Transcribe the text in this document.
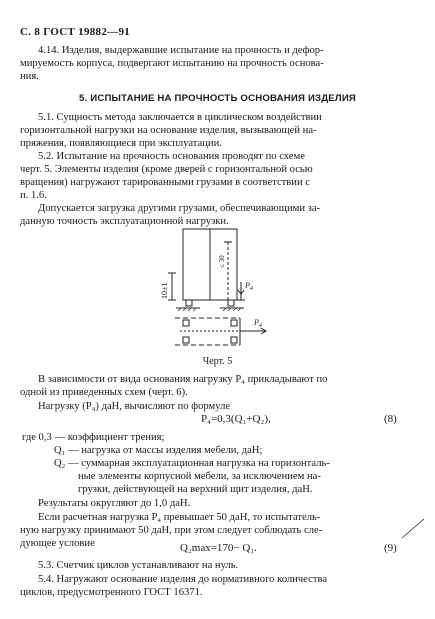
С. 8 ГОСТ 19882—91
4.14. Изделия, выдержавшие испытание на прочность и дефор-
мируемость корпуса, подвергают испытанию на прочность основа-
ния.
5. ИСПЫТАНИЕ НА ПРОЧНОСТЬ ОСНОВАНИЯ ИЗДЕЛИЯ
5.1. Сущность метода заключается в циклическом воздействии
горизонтальной нагрузки на основание изделия, вызывающей на-
пряжения, появляющиеся при эксплуатации.
5.2. Испытание на прочность основания проводят по схеме
черт. 5. Элементы изделия (кроме дверей с горизонтальной осью
вращения) нагружают тарированными грузами в соответствии с
п. 1.6.
Допускается загрузка другими грузами, обеспечивающими за-
данную точность эксплуатационной нагрузки.
10±1
≤ 30
$P_4$
$P_4$
Черт. 5
В зависимости от вида основания нагрузку P₄ прикладывают по
одной из приведенных схем (черт. 6).
Нагрузку (P₄) даН, вычисляют по формуле
P₄=0,3(Q₁+Q₂),	(8)
где 0,3 — коэффициент трения;
Q₁ — нагрузка от массы изделия мебели, даН;
Q₂ — суммарная эксплуатационная нагрузка на горизонталь-
ные элементы корпусной мебели, за исключением на-
грузки, действующей на верхний щит изделия, даН.
Результаты округляют до 1,0 даН.
Если расчетная нагрузка P₄ превышает 50 даН, то испытатель-
ную нагрузку принимают 50 даН, при этом следует соблюдать сле-
дующее условие	Q₂max=170− Q₁.	(9)
5.3. Счетчик циклов устанавливают на нуль.
5.4. Нагружают основание изделия до нормативного количества
циклов, предусмотренного ГОСТ 16371.
